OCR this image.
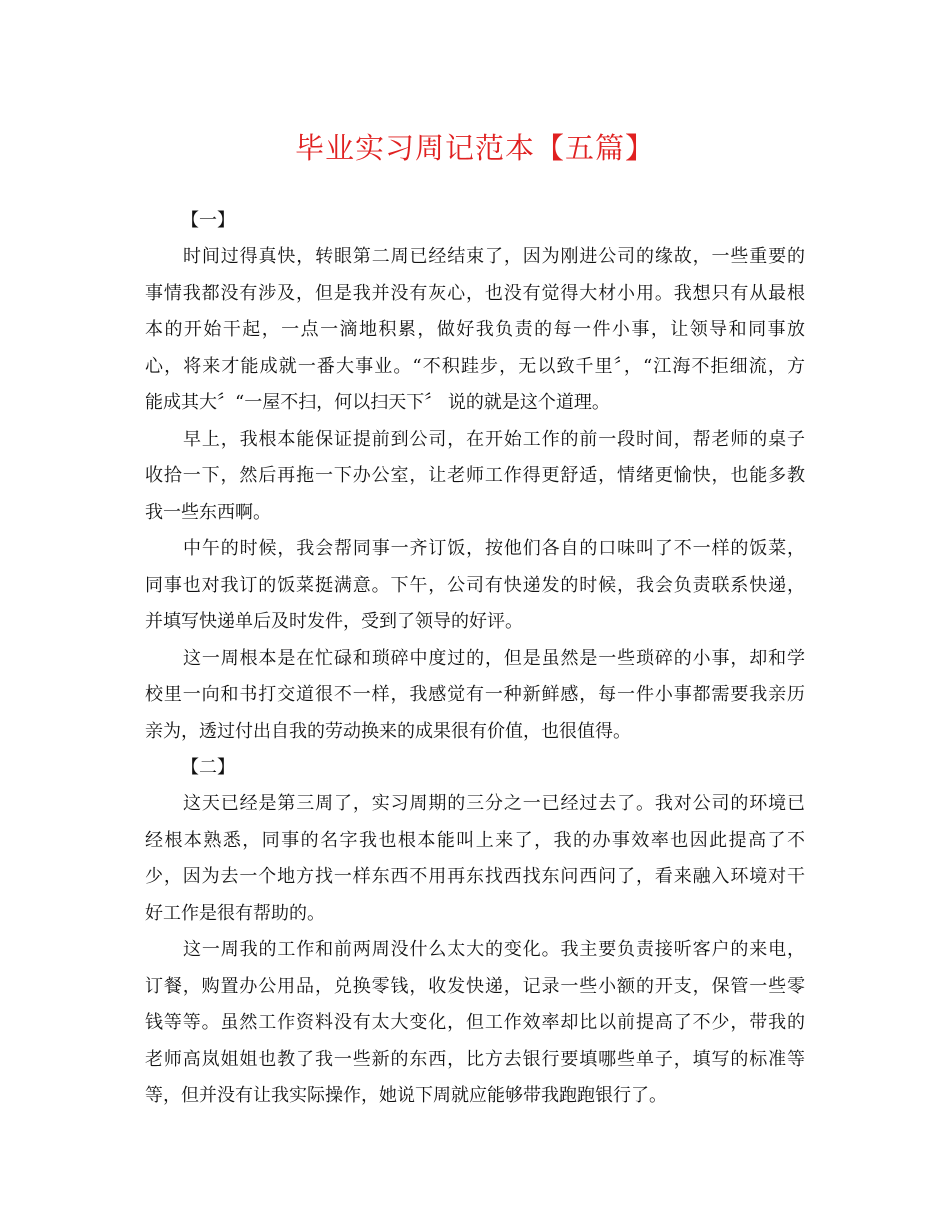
毕业实习周记范本【五篇】
【一】
时间过得真快，转眼第二周已经结束了，因为刚进公司的缘故，一些重要的
事情我都没有涉及，但是我并没有灰心，也没有觉得大材小用。我想只有从最根
本的开始干起，一点一滴地积累，做好我负责的每一件小事，让领导和同事放
心，将来才能成就一番大事业。“不积跬步，无以致千里〞，“江海不拒细流，方
能成其大〞“一屋不扫，何以扫天下〞 说的就是这个道理。
早上，我根本能保证提前到公司，在开始工作的前一段时间，帮老师的桌子
收拾一下，然后再拖一下办公室，让老师工作得更舒适，情绪更愉快，也能多教
我一些东西啊。
中午的时候，我会帮同事一齐订饭，按他们各自的口味叫了不一样的饭菜，
同事也对我订的饭菜挺满意。下午，公司有快递发的时候，我会负责联系快递，
并填写快递单后及时发件，受到了领导的好评。
这一周根本是在忙碌和琐碎中度过的，但是虽然是一些琐碎的小事，却和学
校里一向和书打交道很不一样，我感觉有一种新鲜感，每一件小事都需要我亲历
亲为，透过付出自我的劳动换来的成果很有价值，也很值得。
【二】
这天已经是第三周了，实习周期的三分之一已经过去了。我对公司的环境已
经根本熟悉，同事的名字我也根本能叫上来了，我的办事效率也因此提高了不
少，因为去一个地方找一样东西不用再东找西找东问西问了，看来融入环境对干
好工作是很有帮助的。
这一周我的工作和前两周没什么太大的变化。我主要负责接听客户的来电，
订餐，购置办公用品，兑换零钱，收发快递，记录一些小额的开支，保管一些零
钱等等。虽然工作资料没有太大变化，但工作效率却比以前提高了不少，带我的
老师高岚姐姐也教了我一些新的东西，比方去银行要填哪些单子，填写的标准等
等，但并没有让我实际操作，她说下周就应能够带我跑跑银行了。
